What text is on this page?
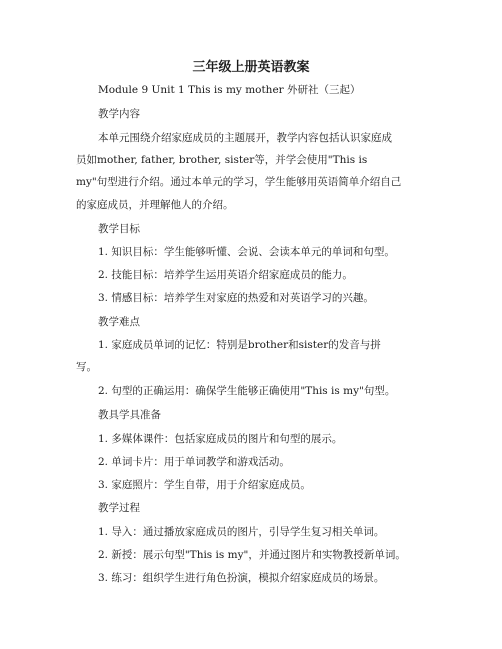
三年级上册英语教案
Module 9 Unit 1 This is my mother 外研社（三起）
教学内容
本单元围绕介绍家庭成员的主题展开，教学内容包括认识家庭成
员如mother, father, brother, sister等，并学会使用"This is
my"句型进行介绍。通过本单元的学习，学生能够用英语简单介绍自己
的家庭成员，并理解他人的介绍。
教学目标
1. 知识目标：学生能够听懂、会说、会读本单元的单词和句型。
2. 技能目标：培养学生运用英语介绍家庭成员的能力。
3. 情感目标：培养学生对家庭的热爱和对英语学习的兴趣。
教学难点
1. 家庭成员单词的记忆：特别是brother和sister的发音与拼
写。
2. 句型的正确运用：确保学生能够正确使用"This is my"句型。
教具学具准备
1. 多媒体课件：包括家庭成员的图片和句型的展示。
2. 单词卡片：用于单词教学和游戏活动。
3. 家庭照片：学生自带，用于介绍家庭成员。
教学过程
1. 导入：通过播放家庭成员的图片，引导学生复习相关单词。
2. 新授：展示句型"This is my"，并通过图片和实物教授新单词。
3. 练习：组织学生进行角色扮演，模拟介绍家庭成员的场景。
